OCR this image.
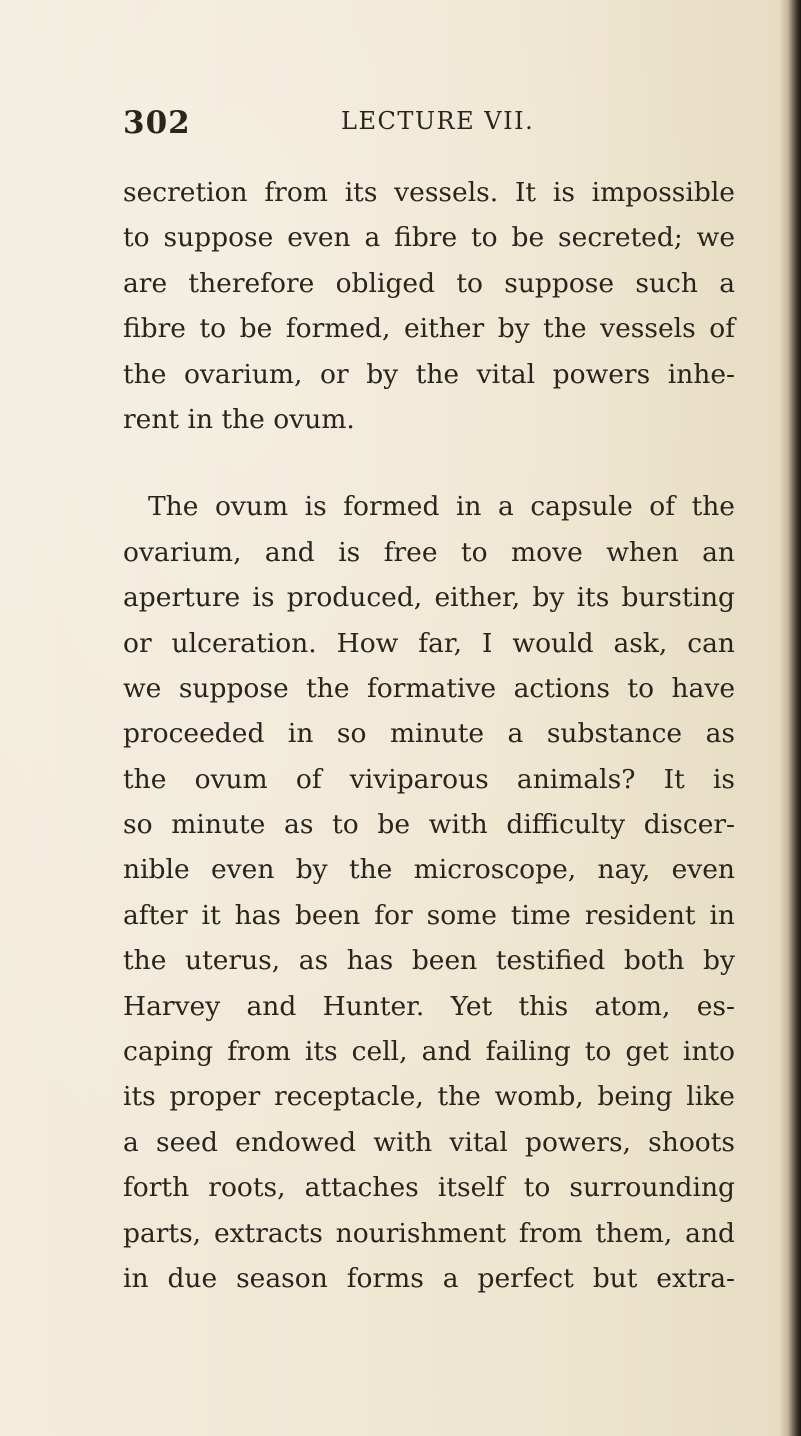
302	LECTURE VII.
secretion from its vessels. It is impossible
to suppose even a fibre to be secreted; we
are therefore obliged to suppose such a
fibre to be formed, either by the vessels of
the ovarium, or by the vital powers inhe-
rent in the ovum.
The ovum is formed in a capsule of the
ovarium, and is free to move when an
aperture is produced, either, by its bursting
or ulceration. How far, I would ask, can
we suppose the formative actions to have
proceeded in so minute a substance as
the ovum of viviparous animals? It is
so minute as to be with difficulty discer-
nible even by the microscope, nay, even
after it has been for some time resident in
the uterus, as has been testified both by
Harvey and Hunter. Yet this atom, es-
caping from its cell, and failing to get into
its proper receptacle, the womb, being like
a seed endowed with vital powers, shoots
forth roots, attaches itself to surrounding
parts, extracts nourishment from them, and
in due season forms a perfect but extra-
